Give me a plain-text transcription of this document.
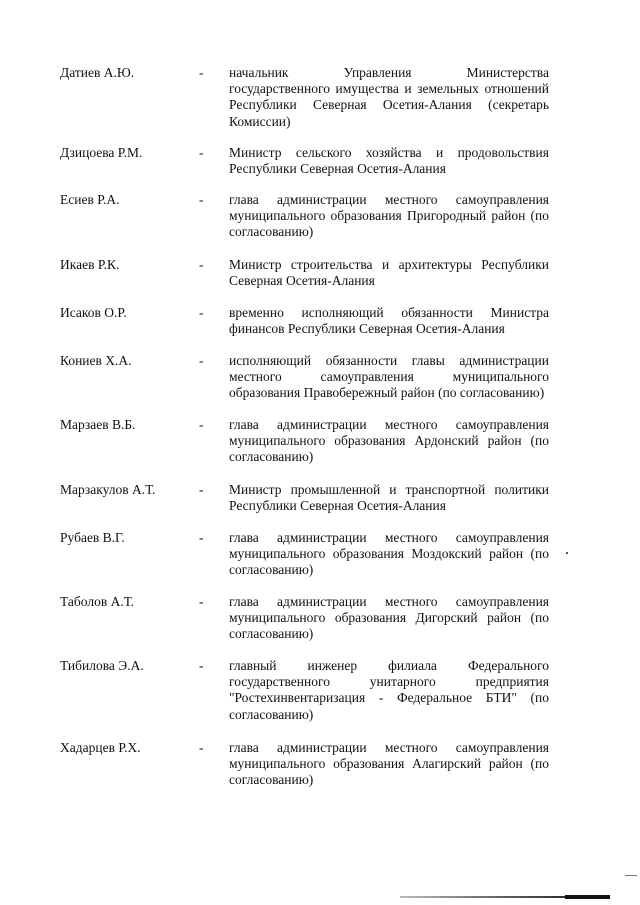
Датиев А.Ю.	- начальник Управления Министерства государственного имущества и земельных отношений Республики Северная Осетия-Алания (секретарь Комиссии)
Дзицоева Р.М.	- Министр сельского хозяйства и продовольствия Республики Северная Осетия-Алания
Есиев Р.А.	- глава администрации местного самоуправления муниципального образования Пригородный район (по согласованию)
Икаев Р.К.	- Министр строительства и архитектуры Республики Северная Осетия-Алания
Исаков О.Р.	- временно исполняющий обязанности Министра финансов Республики Северная Осетия-Алания
Кониев Х.А.	- исполняющий обязанности главы администрации местного самоуправления муниципального образования Правобережный район (по согласованию)
Марзаев В.Б.	- глава администрации местного самоуправления муниципального образования Ардонский район (по согласованию)
Марзакулов А.Т.	- Министр промышленной и транспортной политики Республики Северная Осетия-Алания
Рубаев В.Г.	- глава администрации местного самоуправления муниципального образования Моздокский район (по согласованию)
Таболов А.Т.	- глава администрации местного самоуправления муниципального образования Дигорский район (по согласованию)
Тибилова Э.А.	- главный инженер филиала Федерального государственного унитарного предприятия "Ростехинвентаризация - Федеральное БТИ" (по согласованию)
Хадарцев Р.Х.	- глава администрации местного самоуправления муниципального образования Алагирский район (по согласованию)
